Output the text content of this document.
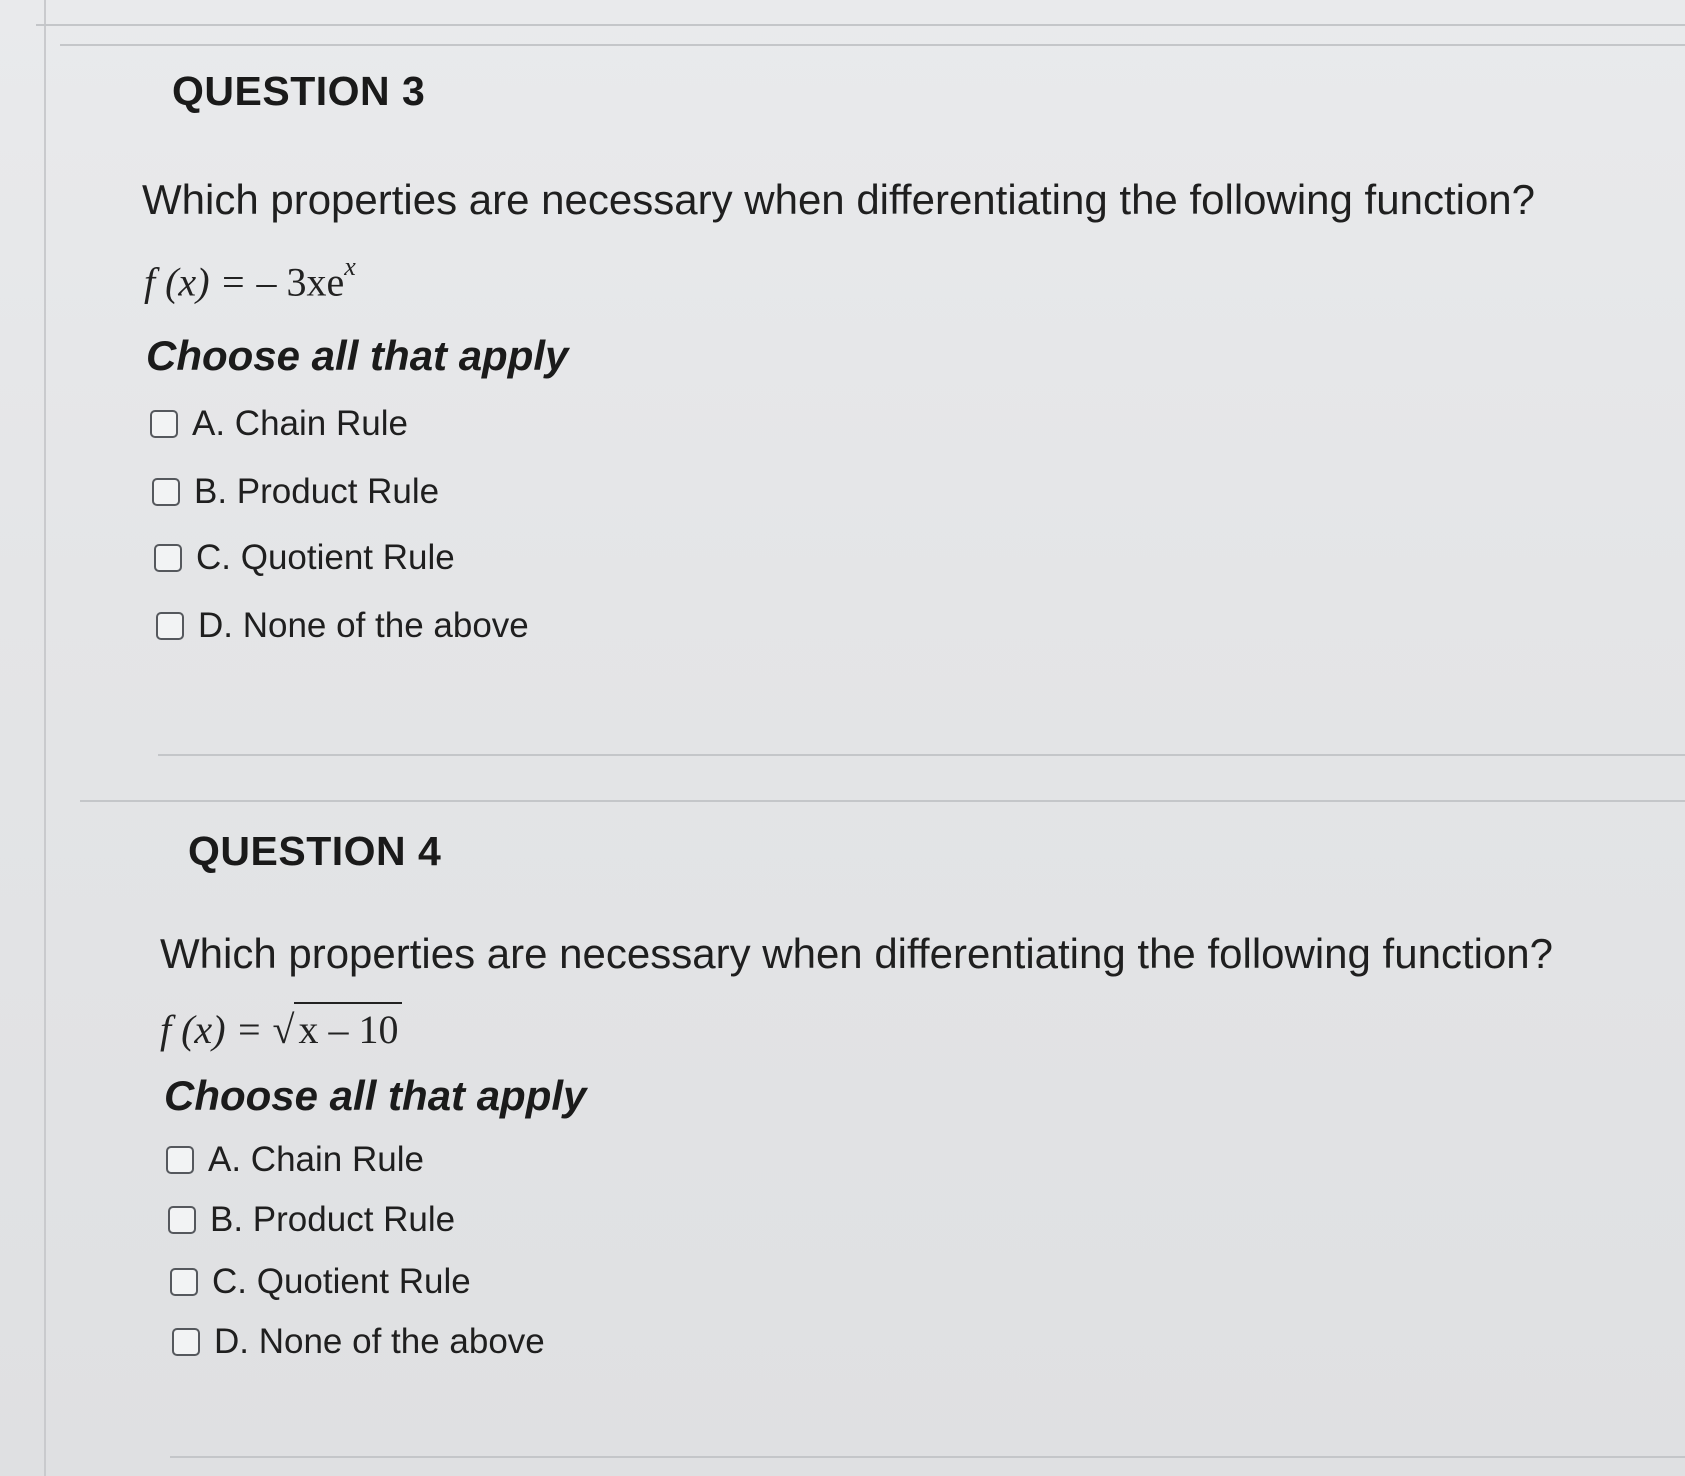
QUESTION 3
Which properties are necessary when differentiating the following function?
f (x) = – $3xe^x$
Choose all that apply
A. Chain Rule
B. Product Rule
C. Quotient Rule
D. None of the above
QUESTION 4
Which properties are necessary when differentiating the following function?
f (x) = √ x – 10
Choose all that apply
A. Chain Rule
B. Product Rule
C. Quotient Rule
D. None of the above
